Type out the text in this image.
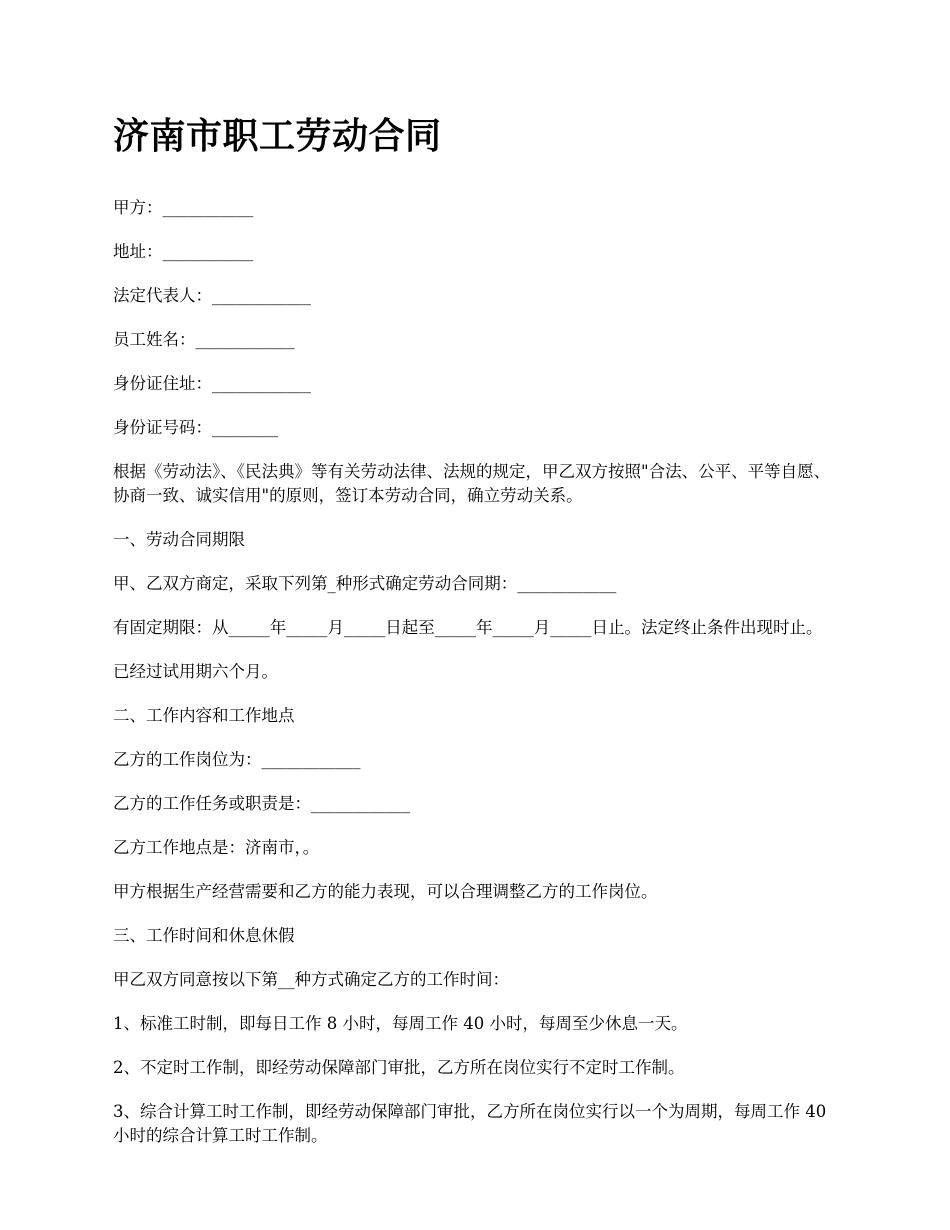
济南市职工劳动合同

甲方：___________

地址：___________

法定代表人：____________

员工姓名：____________

身份证住址：____________

身份证号码：________

根据《劳动法》、《民法典》等有关劳动法律、法规的规定，甲乙双方按照"合法、公平、平等自愿、协商一致、诚实信用"的原则，签订本劳动合同，确立劳动关系。

一、劳动合同期限

甲、乙双方商定，采取下列第_种形式确定劳动合同期：____________

有固定期限：从_____年_____月_____日起至_____年_____月_____日止。法定终止条件出现时止。

已经过试用期六个月。

二、工作内容和工作地点

乙方的工作岗位为：____________

乙方的工作任务或职责是：____________

乙方工作地点是：济南市，。

甲方根据生产经营需要和乙方的能力表现，可以合理调整乙方的工作岗位。

三、工作时间和休息休假

甲乙双方同意按以下第__种方式确定乙方的工作时间：

1、标准工时制，即每日工作 8 小时，每周工作 40 小时，每周至少休息一天。

2、不定时工作制，即经劳动保障部门审批，乙方所在岗位实行不定时工作制。

3、综合计算工时工作制，即经劳动保障部门审批，乙方所在岗位实行以一个为周期，每周工作 40 小时的综合计算工时工作制。
